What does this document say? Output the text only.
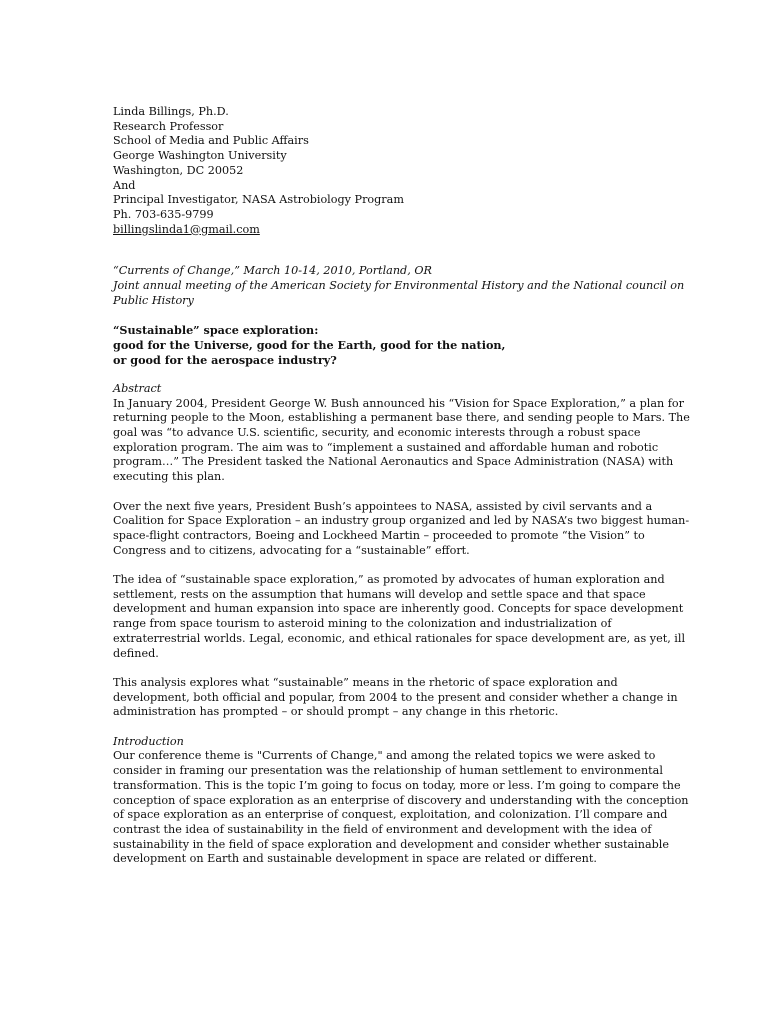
Linda Billings, Ph.D.
Research Professor
School of Media and Public Affairs
George Washington University
Washington, DC 20052
And
Principal Investigator, NASA Astrobiology Program
Ph. 703-635-9799
billingslinda1@gmail.com
“Currents of Change,” March 10-14, 2010, Portland, OR
Joint annual meeting of the American Society for Environmental History and the National council on
Public History
“Sustainable” space exploration:
good for the Universe, good for the Earth, good for the nation,
or good for the aerospace industry?
Abstract
In January 2004, President George W. Bush announced his “Vision for Space Exploration,” a plan for
returning people to the Moon, establishing a permanent base there, and sending people to Mars. The
goal was “to advance U.S. scientific, security, and economic interests through a robust space
exploration program. The aim was to “implement a sustained and affordable human and robotic
program…” The President tasked the National Aeronautics and Space Administration (NASA) with
executing this plan.
Over the next five years, President Bush’s appointees to NASA, assisted by civil servants and a
Coalition for Space Exploration – an industry group organized and led by NASA’s two biggest human-
space-flight contractors, Boeing and Lockheed Martin – proceeded to promote “the Vision” to
Congress and to citizens, advocating for a “sustainable” effort.
The idea of “sustainable space exploration,” as promoted by advocates of human exploration and
settlement, rests on the assumption that humans will develop and settle space and that space
development and human expansion into space are inherently good. Concepts for space development
range from space tourism to asteroid mining to the colonization and industrialization of
extraterrestrial worlds. Legal, economic, and ethical rationales for space development are, as yet, ill
defined.
This analysis explores what “sustainable” means in the rhetoric of space exploration and
development, both official and popular, from 2004 to the present and consider whether a change in
administration has prompted – or should prompt – any change in this rhetoric.
Introduction
Our conference theme is "Currents of Change," and among the related topics we were asked to
consider in framing our presentation was the relationship of human settlement to environmental
transformation. This is the topic I’m going to focus on today, more or less. I’m going to compare the
conception of space exploration as an enterprise of discovery and understanding with the conception
of space exploration as an enterprise of conquest, exploitation, and colonization. I’ll compare and
contrast the idea of sustainability in the field of environment and development with the idea of
sustainability in the field of space exploration and development and consider whether sustainable
development on Earth and sustainable development in space are related or different.
